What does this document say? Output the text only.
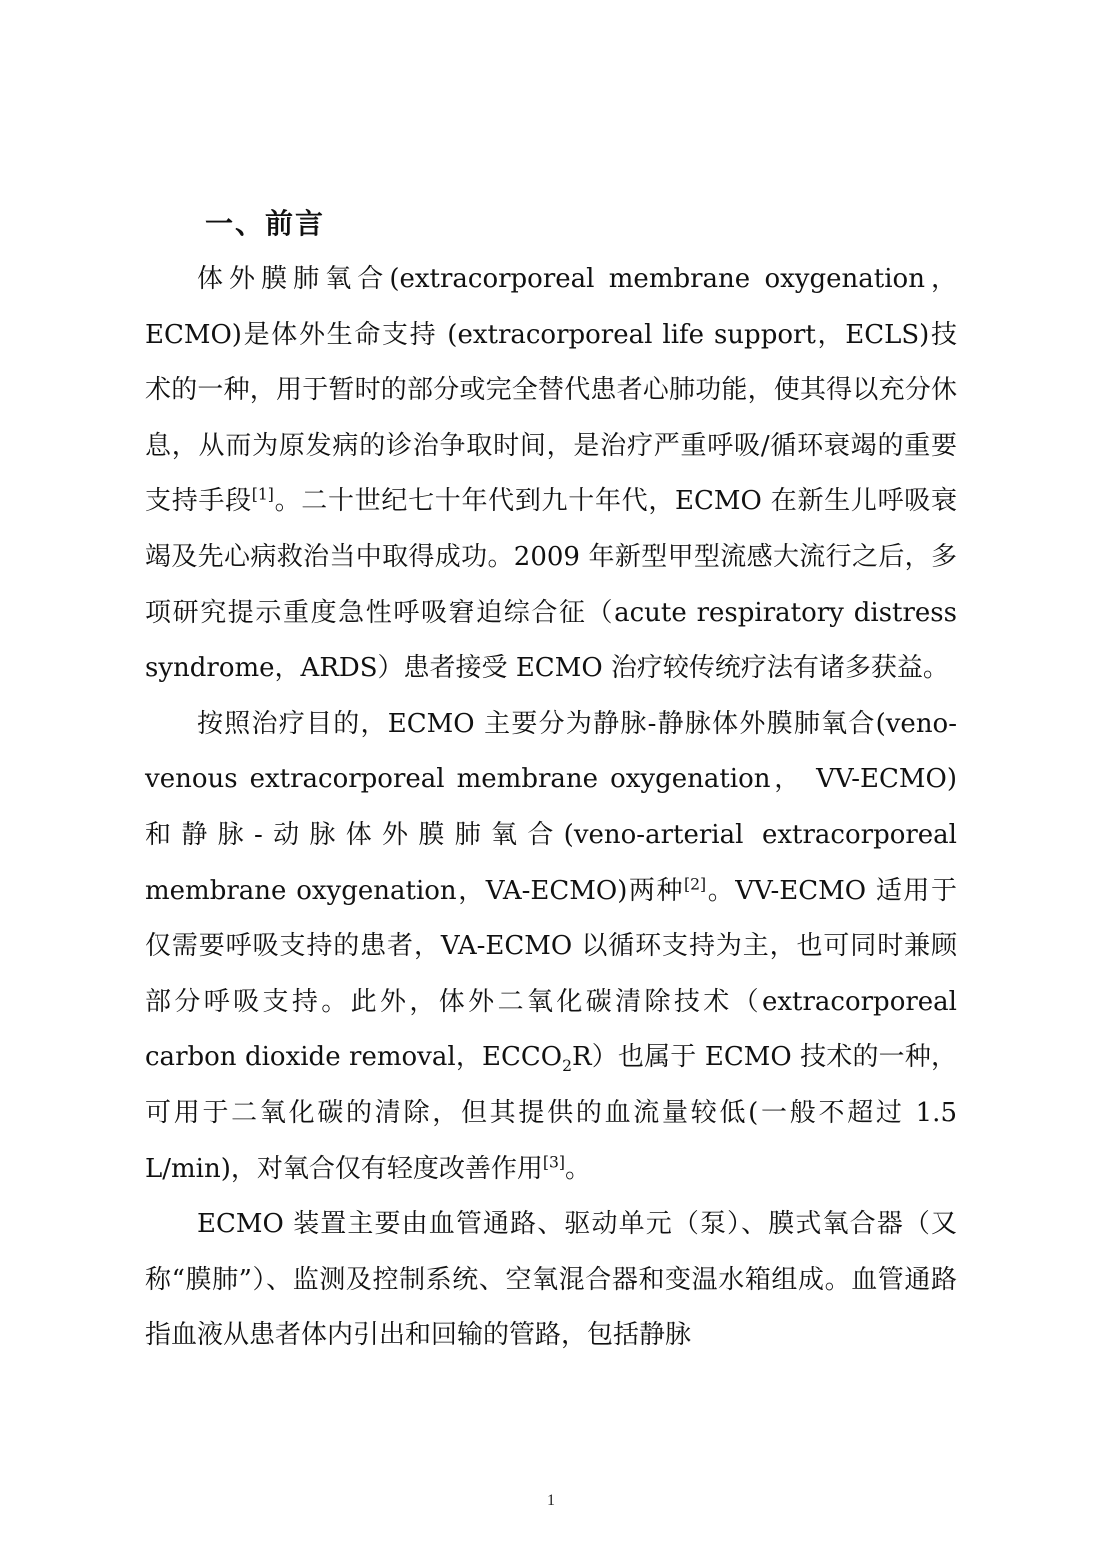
一、前言

体外膜肺氧合(extracorporeal membrane oxygenation，ECMO)是体外生命支持 (extracorporeal life support，ECLS)技术的一种，用于暂时的部分或完全替代患者心肺功能，使其得以充分休息，从而为原发病的诊治争取时间，是治疗严重呼吸/循环衰竭的重要支持手段[1]。二十世纪七十年代到九十年代，ECMO 在新生儿呼吸衰竭及先心病救治当中取得成功。2009 年新型甲型流感大流行之后，多项研究提示重度急性呼吸窘迫综合征（acute respiratory distress syndrome，ARDS）患者接受 ECMO 治疗较传统疗法有诸多获益。

按照治疗目的，ECMO 主要分为静脉-静脉体外膜肺氧合(veno-venous extracorporeal membrane oxygenation， VV-ECMO)和静脉-动脉体外膜肺氧合(veno-arterial extracorporeal membrane oxygenation，VA-ECMO)两种[2]。VV-ECMO 适用于仅需要呼吸支持的患者，VA-ECMO 以循环支持为主，也可同时兼顾部分呼吸支持。此外，体外二氧化碳清除技术（extracorporeal carbon dioxide removal，$ECCO_2R$）也属于 ECMO 技术的一种，可用于二氧化碳的清除，但其提供的血流量较低(一般不超过 1.5 L/min)，对氧合仅有轻度改善作用[3]。

ECMO 装置主要由血管通路、驱动单元（泵）、膜式氧合器（又称“膜肺”）、监测及控制系统、空氧混合器和变温水箱组成。血管通路指血液从患者体内引出和回输的管路，包括静脉

1
